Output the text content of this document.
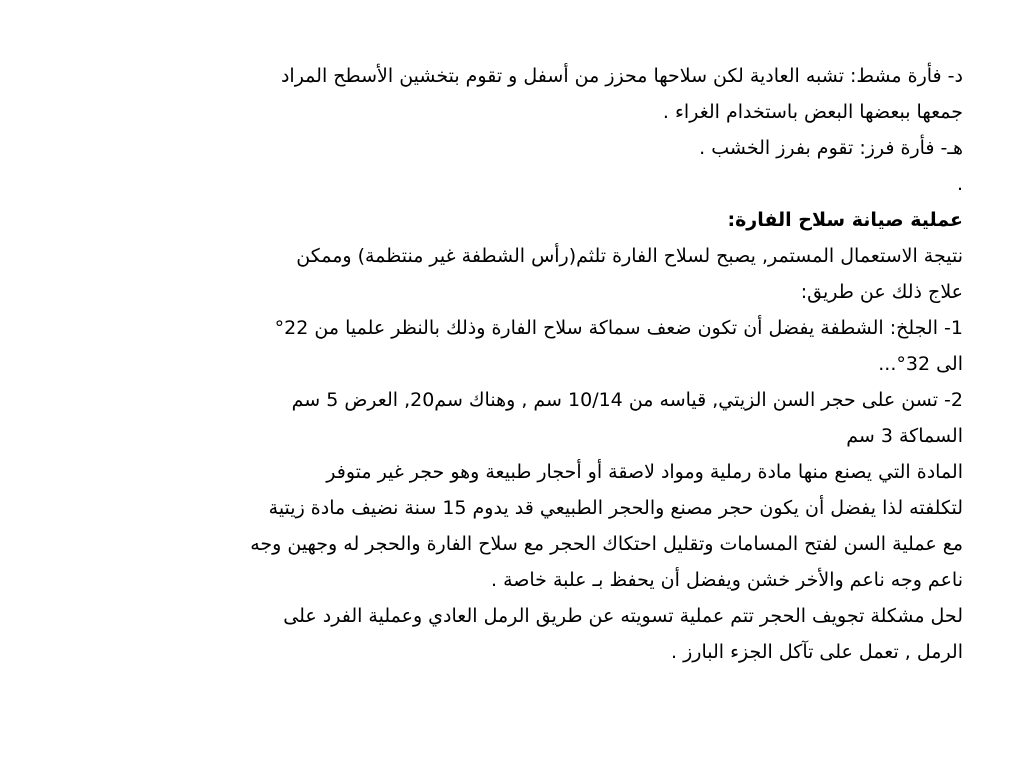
د- فأرة مشط: تشبه العادية لكن سلاحها محزز من أسفل و تقوم بتخشين الأسطح المراد
جمعها ببعضها البعض باستخدام الغراء .
هـ- فأرة فرز: تقوم بفرز الخشب .
.
عملية صيانة سلاح الفارة:
نتيجة الاستعمال المستمر, يصبح لسلاح الفارة تلثم(رأس الشطفة غير منتظمة) وممكن
علاج ذلك عن طريق:
1- الجلخ: الشطفة يفضل أن تكون ضعف سماكة سلاح الفارة وذلك بالنظر علميا من 22°
الى 32°...
2- تسن على حجر السن الزيتي, قياسه من 10/14 سم , وهناك سم20, العرض 5 سم
السماكة 3 سم
المادة التي يصنع منها مادة رملية ومواد لاصقة أو أحجار طبيعة وهو حجر غير متوفر
لتكلفته لذا يفضل أن يكون حجر مصنع والحجر الطبيعي قد يدوم 15 سنة نضيف مادة زيتية
مع عملية السن لفتح المسامات وتقليل احتكاك الحجر مع سلاح الفارة والحجر له وجهين وجه
ناعم وجه ناعم والأخر خشن ويفضل أن يحفظ بـ علبة خاصة .
لحل مشكلة تجويف الحجر تتم عملية تسويته عن طريق الرمل العادي وعملية الفرد على
الرمل , تعمل على تآكل الجزء البارز .
